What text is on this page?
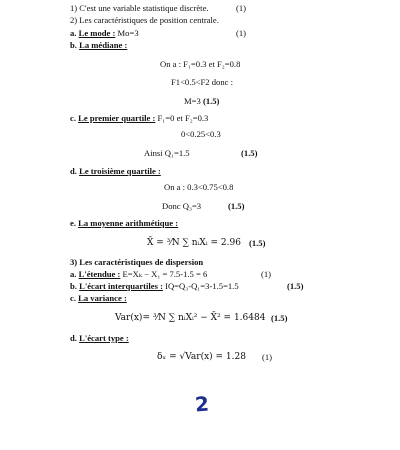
1) C'est une variable statistique discrète.	(1)
2) Les caractéristiques de position centrale.
a. Le mode : Mo=3	(1)
b. La médiane :
On a : F₁=0.3 et F₂=0.8
F1<0.5<F2 donc :
M=3 (1.5)
c. Le premier quartile : F₁=0 et F₂=0.3
0<0.25<0.3
Ainsi Q₁=1.5	(1.5)
d. Le troisième quartile :
On a : 0.3<0.75<0.8
Donc Q₃=3	(1.5)
e. La moyenne arithmétique :
X̄ = ³⁄N ∑ nᵢXᵢ = 2.96 (1.5)
3) Les caractéristiques de dispersion
a. L'étendue : E=Xₖ − X₁ = 7.5-1.5 = 6	(1)
b. L'écart interquartiles : IQ=Q₃-Q₁=3-1.5=1.5	(1.5)
c. La variance :
Var(x)= ³⁄N ∑ nᵢXᵢ² − X̄² = 1.6484 (1.5)
d. L'écart type :
δₓ = √Var(x) = 1.28 (1)
2
